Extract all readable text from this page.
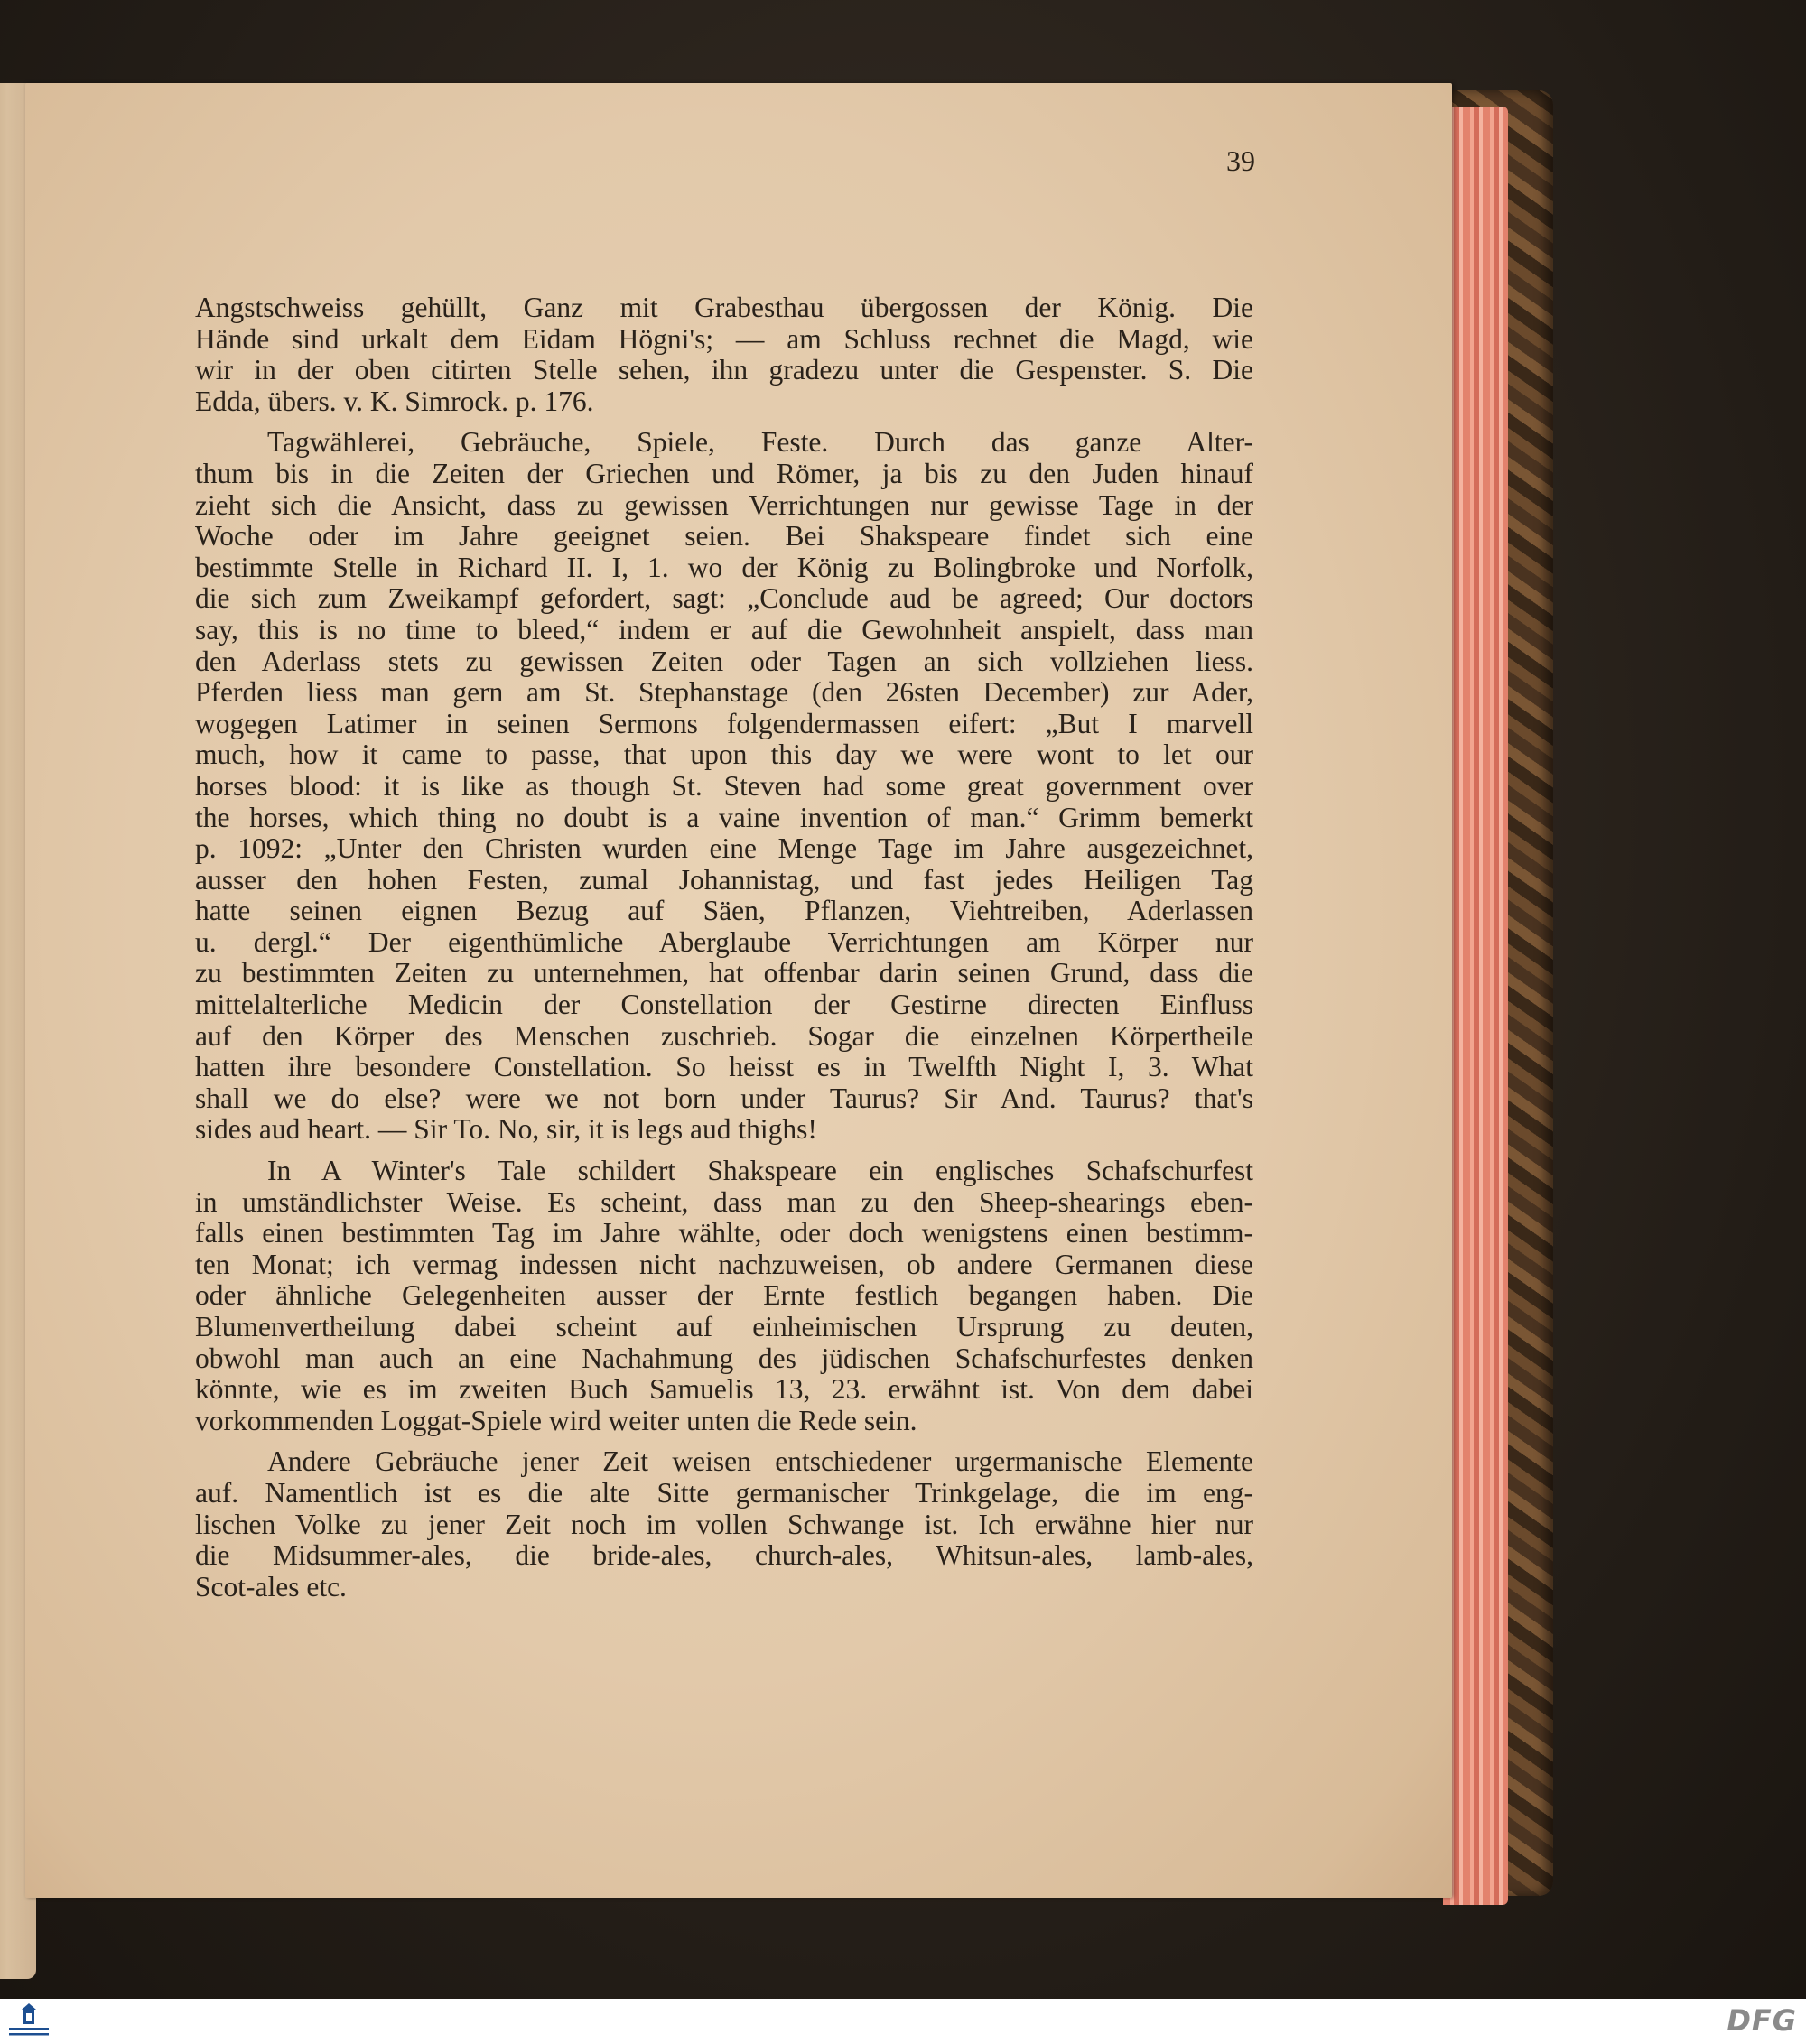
39
Angstschweiss gehüllt, Ganz mit Grabesthau übergossen der König. Die
Hände sind urkalt dem Eidam Högni's; — am Schluss rechnet die Magd, wie
wir in der oben citirten Stelle sehen, ihn gradezu unter die Gespenster. S. Die
Edda, übers. v. K. Simrock. p. 176.
Tagwählerei, Gebräuche, Spiele, Feste. Durch das ganze Alter-
thum bis in die Zeiten der Griechen und Römer, ja bis zu den Juden hinauf
zieht sich die Ansicht, dass zu gewissen Verrichtungen nur gewisse Tage in der
Woche oder im Jahre geeignet seien. Bei Shakspeare findet sich eine
bestimmte Stelle in Richard II. I, 1. wo der König zu Bolingbroke und Norfolk,
die sich zum Zweikampf gefordert, sagt: „Conclude aud be agreed; Our doctors
say, this is no time to bleed,“ indem er auf die Gewohnheit anspielt, dass man
den Aderlass stets zu gewissen Zeiten oder Tagen an sich vollziehen liess.
Pferden liess man gern am St. Stephanstage (den 26sten December) zur Ader,
wogegen Latimer in seinen Sermons folgendermassen eifert: „But I marvell
much, how it came to passe, that upon this day we were wont to let our
horses blood: it is like as though St. Steven had some great government over
the horses, which thing no doubt is a vaine invention of man.“ Grimm bemerkt
p. 1092: „Unter den Christen wurden eine Menge Tage im Jahre ausgezeichnet,
ausser den hohen Festen, zumal Johannistag, und fast jedes Heiligen Tag
hatte seinen eignen Bezug auf Säen, Pflanzen, Viehtreiben, Aderlassen
u. dergl.“ Der eigenthümliche Aberglaube Verrichtungen am Körper nur
zu bestimmten Zeiten zu unternehmen, hat offenbar darin seinen Grund, dass die
mittelalterliche Medicin der Constellation der Gestirne directen Einfluss
auf den Körper des Menschen zuschrieb. Sogar die einzelnen Körpertheile
hatten ihre besondere Constellation. So heisst es in Twelfth Night I, 3. What
shall we do else? were we not born under Taurus? Sir And. Taurus? that's
sides aud heart. — Sir To. No, sir, it is legs aud thighs!
In A Winter's Tale schildert Shakspeare ein englisches Schafschurfest
in umständlichster Weise. Es scheint, dass man zu den Sheep-shearings eben-
falls einen bestimmten Tag im Jahre wählte, oder doch wenigstens einen bestimm-
ten Monat; ich vermag indessen nicht nachzuweisen, ob andere Germanen diese
oder ähnliche Gelegenheiten ausser der Ernte festlich begangen haben. Die
Blumenvertheilung dabei scheint auf einheimischen Ursprung zu deuten,
obwohl man auch an eine Nachahmung des jüdischen Schafschurfestes denken
könnte, wie es im zweiten Buch Samuelis 13, 23. erwähnt ist. Von dem dabei
vorkommenden Loggat-Spiele wird weiter unten die Rede sein.
Andere Gebräuche jener Zeit weisen entschiedener urgermanische Elemente
auf. Namentlich ist es die alte Sitte germanischer Trinkgelage, die im eng-
lischen Volke zu jener Zeit noch im vollen Schwange ist. Ich erwähne hier nur
die Midsummer-ales, die bride-ales, church-ales, Whitsun-ales, lamb-ales,
Scot-ales etc.
DFG
